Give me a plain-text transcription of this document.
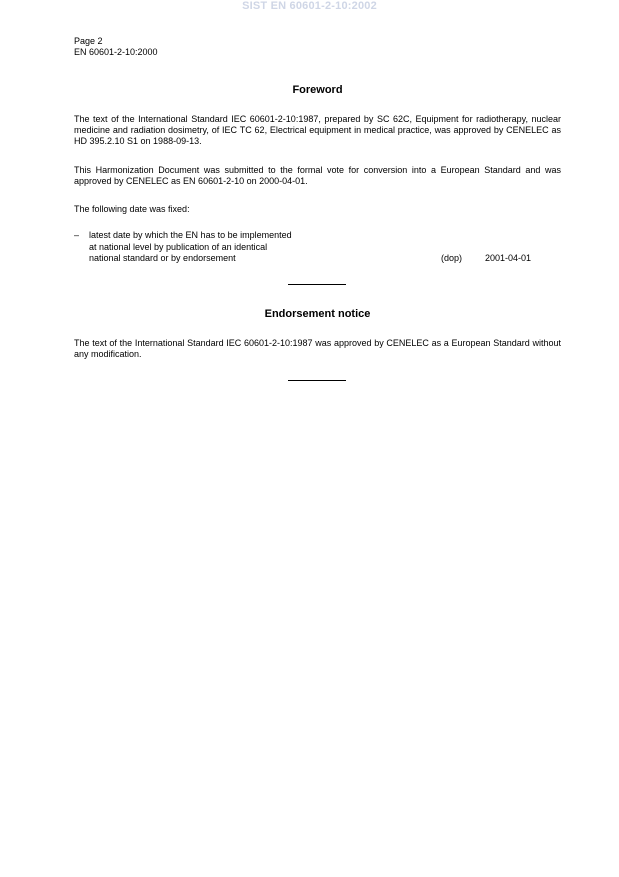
SIST EN 60601-2-10:2002
Page 2
EN 60601-2-10:2000
Foreword
The text of the International Standard IEC 60601-2-10:1987, prepared by SC 62C, Equipment for radiotherapy, nuclear medicine and radiation dosimetry, of IEC TC 62, Electrical equipment in medical practice, was approved by CENELEC as HD 395.2.10 S1 on 1988-09-13.
This Harmonization Document was submitted to the formal vote for conversion into a European Standard and was approved by CENELEC as EN 60601-2-10 on 2000-04-01.
The following date was fixed:
– latest date by which the EN has to be implemented
at national level by publication of an identical
national standard or by endorsement	(dop)	2001-04-01
Endorsement notice
The text of the International Standard IEC 60601-2-10:1987 was approved by CENELEC as a European Standard without any modification.
